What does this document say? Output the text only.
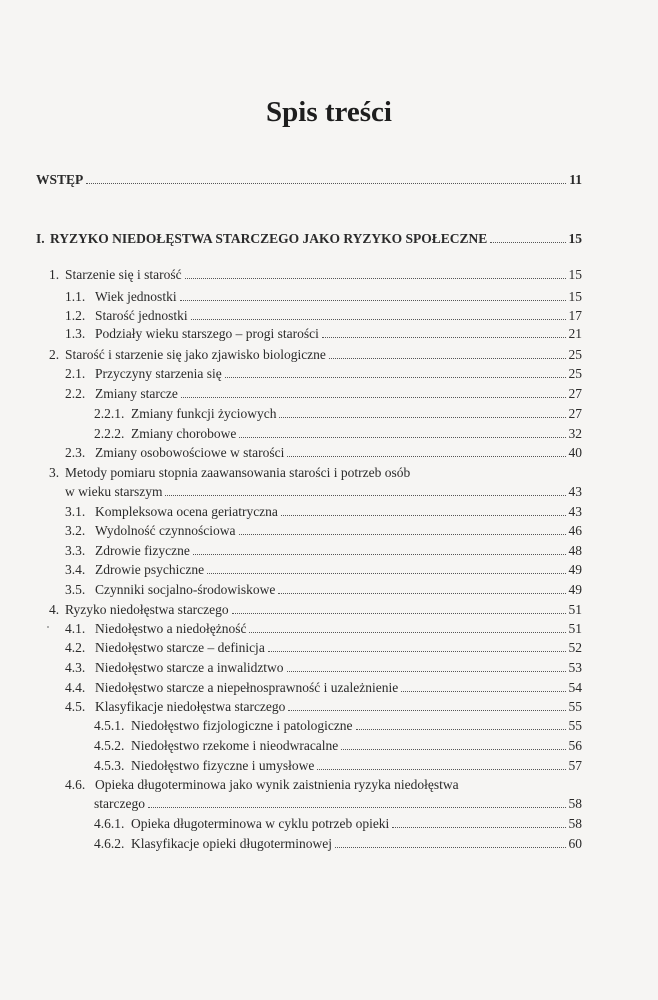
Spis treści
WSTĘP	11
I. RYZYKO NIEDOŁĘSTWA STARCZEGO JAKO RYZYKO SPOŁECZNE	15
1. Starzenie się i starość	15
1.1. Wiek jednostki	15
1.2. Starość jednostki	17
1.3. Podziały wieku starszego – progi starości	21
2. Starość i starzenie się jako zjawisko biologiczne	25
2.1. Przyczyny starzenia się	25
2.2. Zmiany starcze	27
2.2.1. Zmiany funkcji życiowych	27
2.2.2. Zmiany chorobowe	32
2.3. Zmiany osobowościowe w starości	40
3. Metody pomiaru stopnia zaawansowania starości i potrzeb osób
w wieku starszym	43
3.1. Kompleksowa ocena geriatryczna	43
3.2. Wydolność czynnościowa	46
3.3. Zdrowie fizyczne	48
3.4. Zdrowie psychiczne	49
3.5. Czynniki socjalno-środowiskowe	49
4. Ryzyko niedołęstwa starczego	51
4.1. Niedołęstwo a niedołężność	51
4.2. Niedołęstwo starcze – definicja	52
4.3. Niedołęstwo starcze a inwalidztwo	53
4.4. Niedołęstwo starcze a niepełnosprawność i uzależnienie	54
4.5. Klasyfikacje niedołęstwa starczego	55
4.5.1. Niedołęstwo fizjologiczne i patologiczne	55
4.5.2. Niedołęstwo rzekome i nieodwracalne	56
4.5.3. Niedołęstwo fizyczne i umysłowe	57
4.6. Opieka długoterminowa jako wynik zaistnienia ryzyka niedołęstwa
starczego	58
4.6.1. Opieka długoterminowa w cyklu potrzeb opieki	58
4.6.2. Klasyfikacje opieki długoterminowej	60
